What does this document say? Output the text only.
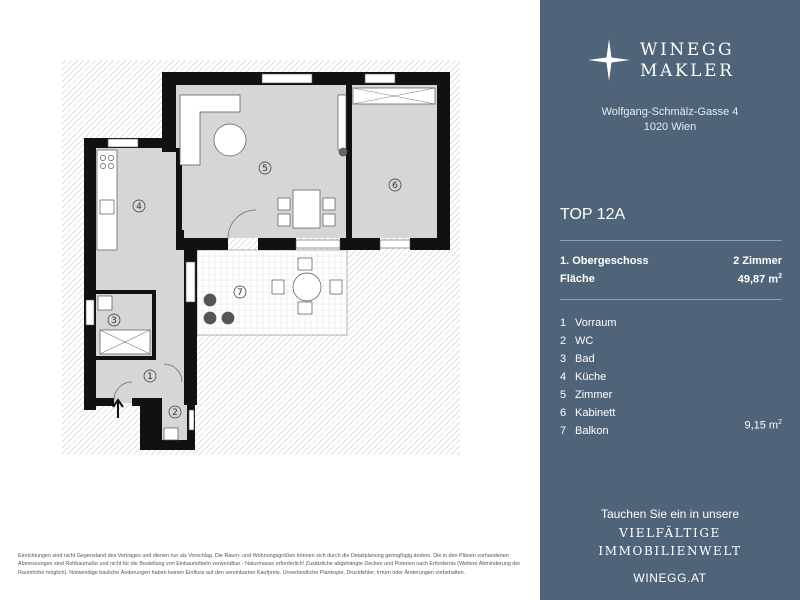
1
2
3
4
5
6
7

Einrichtungen sind nicht Gegenstand des Vertrages und dienen nur als Vorschlag. Die Raum- und Wohnungsgrößen können sich durch die Detailplanung geringfügig ändern. Die in den Plänen vorhandenen Abmessungen sind Rohbaumaße und nicht für die Bestellung von Einbaumöbeln verwendbar - Naturmasse erforderlich! Zusätzliche abgehängte Decken und Poterien nach Erfordernis (Weitere Abminderung der Raumhöhe möglich). Notwendige bauliche Änderungen haben keinen Einfluss auf den vereinbarten Kaufpreis. Unverbindliche Plankopie, Druckfehler, Irrtum oder Änderungen vorbehalten.

WINEGG
MAKLER
Wolfgang-Schmälz-Gasse 4
1020 Wien
TOP 12A
1. Obergeschoss	2 Zimmer
Fläche	49,87 $m^2$
1 Vorraum
2 WC
3 Bad
4 Küche
5 Zimmer
6 Kabinett
7 Balkon	9,15 $m^2$
Tauchen Sie ein in unsere
VIELFÄLTIGE
IMMOBILIENWELT
WINEGG.AT
